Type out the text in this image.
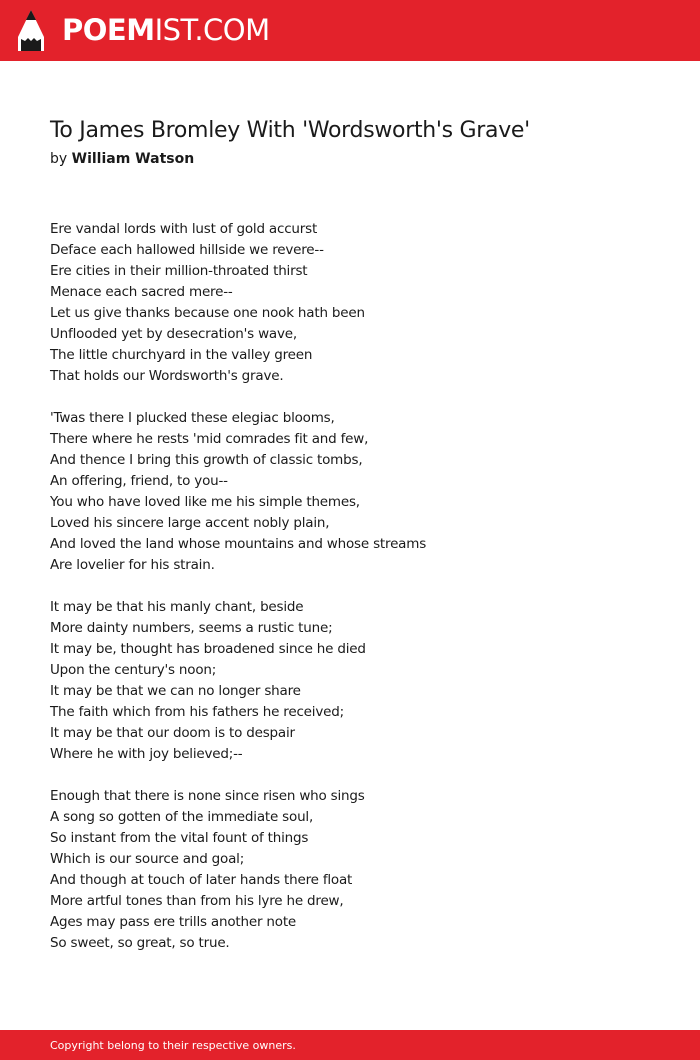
POEMIST.COM
To James Bromley With 'Wordsworth's Grave'
by William Watson
Ere vandal lords with lust of gold accurst
Deface each hallowed hillside we revere--
Ere cities in their million-throated thirst
Menace each sacred mere--
Let us give thanks because one nook hath been
Unflooded yet by desecration's wave,
The little churchyard in the valley green
That holds our Wordsworth's grave.
'Twas there I plucked these elegiac blooms,
There where he rests 'mid comrades fit and few,
And thence I bring this growth of classic tombs,
An offering, friend, to you--
You who have loved like me his simple themes,
Loved his sincere large accent nobly plain,
And loved the land whose mountains and whose streams
Are lovelier for his strain.
It may be that his manly chant, beside
More dainty numbers, seems a rustic tune;
It may be, thought has broadened since he died
Upon the century's noon;
It may be that we can no longer share
The faith which from his fathers he received;
It may be that our doom is to despair
Where he with joy believed;--
Enough that there is none since risen who sings
A song so gotten of the immediate soul,
So instant from the vital fount of things
Which is our source and goal;
And though at touch of later hands there float
More artful tones than from his lyre he drew,
Ages may pass ere trills another note
So sweet, so great, so true.
Copyright belong to their respective owners.
